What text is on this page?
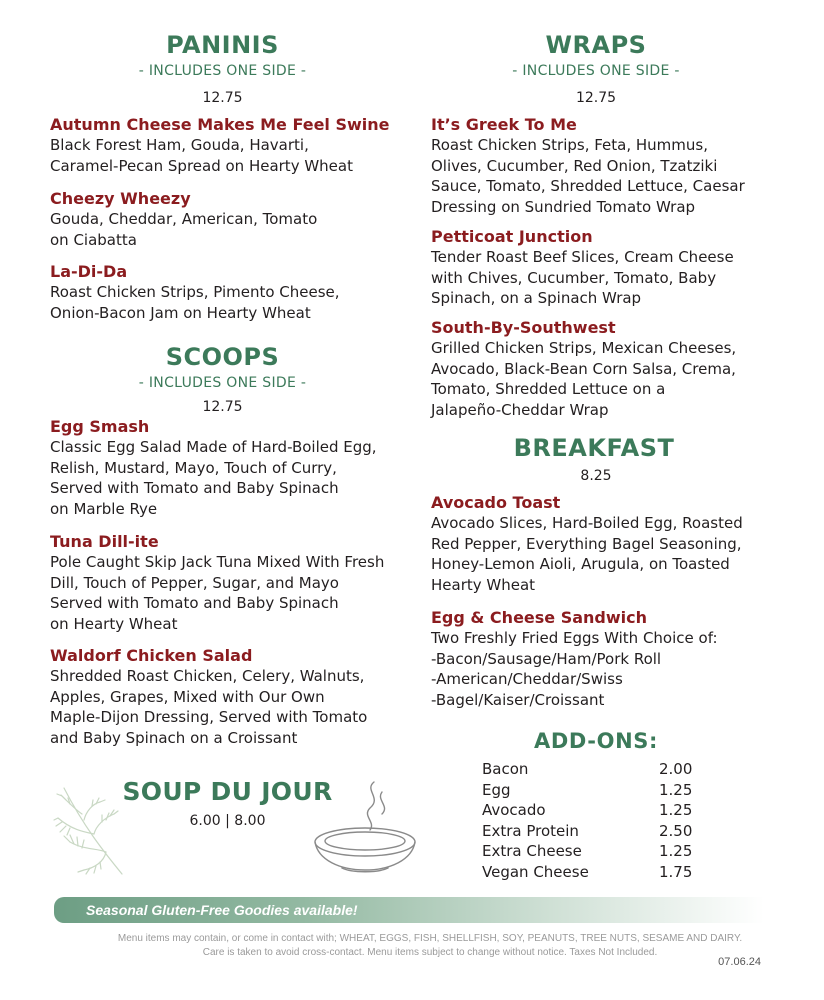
PANINIS
- INCLUDES ONE SIDE -
12.75
Autumn Cheese Makes Me Feel Swine
Black Forest Ham, Gouda, Havarti,
Caramel-Pecan Spread on Hearty Wheat
Cheezy Wheezy
Gouda, Cheddar, American, Tomato
on Ciabatta
La-Di-Da
Roast Chicken Strips, Pimento Cheese,
Onion-Bacon Jam on Hearty Wheat
SCOOPS
- INCLUDES ONE SIDE -
12.75
Egg Smash
Classic Egg Salad Made of Hard-Boiled Egg,
Relish, Mustard, Mayo, Touch of Curry,
Served with Tomato and Baby Spinach
on Marble Rye
Tuna Dill-ite
Pole Caught Skip Jack Tuna Mixed With Fresh
Dill, Touch of Pepper, Sugar, and Mayo
Served with Tomato and Baby Spinach
on Hearty Wheat
Waldorf Chicken Salad
Shredded Roast Chicken, Celery, Walnuts,
Apples, Grapes, Mixed with Our Own
Maple-Dijon Dressing, Served with Tomato
and Baby Spinach on a Croissant
WRAPS
- INCLUDES ONE SIDE -
12.75
It’s Greek To Me
Roast Chicken Strips, Feta, Hummus,
Olives, Cucumber, Red Onion, Tzatziki
Sauce, Tomato, Shredded Lettuce, Caesar
Dressing on Sundried Tomato Wrap
Petticoat Junction
Tender Roast Beef Slices, Cream Cheese
with Chives, Cucumber, Tomato, Baby
Spinach, on a Spinach Wrap
South-By-Southwest
Grilled Chicken Strips, Mexican Cheeses,
Avocado, Black-Bean Corn Salsa, Crema,
Tomato, Shredded Lettuce on a
Jalapeño-Cheddar Wrap
BREAKFAST
8.25
Avocado Toast
Avocado Slices, Hard-Boiled Egg, Roasted
Red Pepper, Everything Bagel Seasoning,
Honey-Lemon Aioli, Arugula, on Toasted
Hearty Wheat
Egg & Cheese Sandwich
Two Freshly Fried Eggs With Choice of:
-Bacon/Sausage/Ham/Pork Roll
-American/Cheddar/Swiss
-Bagel/Kaiser/Croissant
ADD-ONS:
Bacon	2.00
Egg	1.25
Avocado	1.25
Extra Protein	2.50
Extra Cheese	1.25
Vegan Cheese	1.75
SOUP DU JOUR
6.00 | 8.00
Seasonal Gluten-Free Goodies available!
Menu items may contain, or come in contact with; WHEAT, EGGS, FISH, SHELLFISH, SOY, PEANUTS, TREE NUTS, SESAME AND DAIRY.
Care is taken to avoid cross-contact. Menu items subject to change without notice. Taxes Not Included.
07.06.24
